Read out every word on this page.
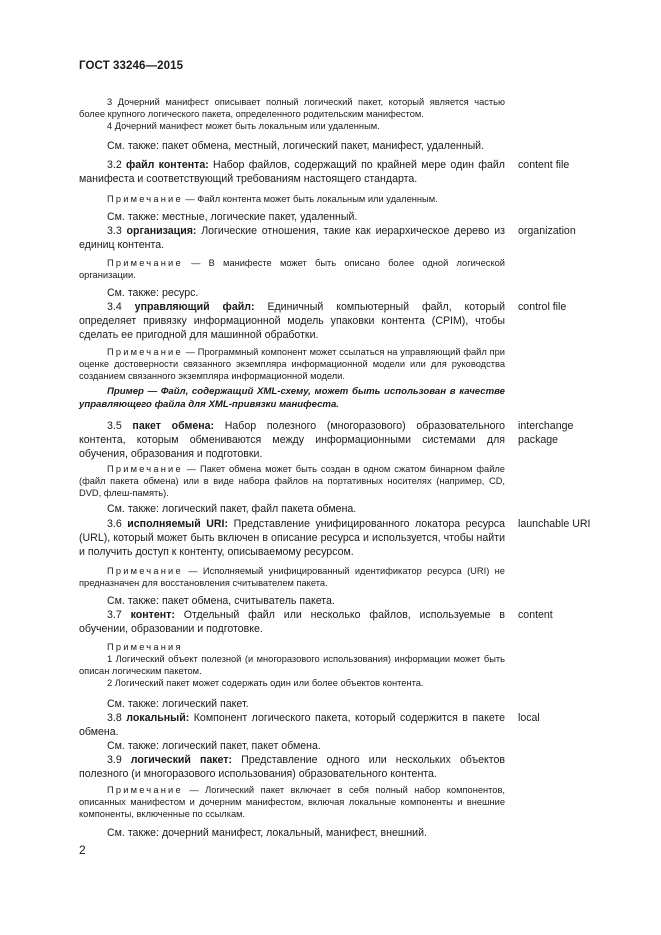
ГОСТ 33246—2015

3 Дочерний манифест описывает полный логический пакет, который является частью более крупного логического пакета, определенного родительским манифестом.

4 Дочерний манифест может быть локальным или удаленным.

См. также: пакет обмена, местный, логический пакет, манифест, удаленный.

3.2 файл контента: Набор файлов, содержащий по крайней мере один файл манифеста и соответствующий требованиям настоящего стандарта.

content file

Примечание — Файл контента может быть локальным или удаленным.

См. также: местные, логические пакет, удаленный.

3.3 организация: Логические отношения, такие как иерархическое дерево из единиц контента.

organization

Примечание — В манифесте может быть описано более одной логической организации.

См. также: ресурс.

3.4 управляющий файл: Единичный компьютерный файл, который определяет привязку информационной модель упаковки контента (CPIM), чтобы сделать ее пригодной для машинной обработки.

control file

Примечание — Программный компонент может ссылаться на управляющий файл при оценке достоверности связанного экземпляра информационной модели или для руководства созданием связанного экземпляра информационной модели.

Пример — Файл, содержащий XML-схему, может быть использован в качестве управляющего файла для XML-привязки манифеста.

3.5 пакет обмена: Набор полезного (многоразового) образовательного контента, которым обмениваются между информационными системами для обучения, образования и подготовки.

interchange
package

Примечание — Пакет обмена может быть создан в одном сжатом бинарном файле (файл пакета обмена) или в виде набора файлов на портативных носителях (например, CD, DVD, флеш-память).

См. также: логический пакет, файл пакета обмена.

3.6 исполняемый URI: Представление унифицированного локатора ресурса (URL), который может быть включен в описание ресурса и используется, чтобы найти и получить доступ к контенту, описываемому ресурсом.

launchable URI

Примечание — Исполняемый унифицированный идентификатор ресурса (URI) не предназначен для восстановления считывателем пакета.

См. также: пакет обмена, считыватель пакета.

3.7 контент: Отдельный файл или несколько файлов, используемые в обучении, образовании и подготовке.

content

Примечания

1 Логический объект полезной (и многоразового использования) информации может быть описан логическим пакетом.

2 Логический пакет может содержать один или более объектов контента.

См. также: логический пакет.

3.8 локальный: Компонент логического пакета, который содержится в пакете обмена.

local

См. также: логический пакет, пакет обмена.

3.9 логический пакет: Представление одного или нескольких объектов полезного (и многоразового использования) образовательного контента.

Примечание — Логический пакет включает в себя полный набор компонентов, описанных манифестом и дочерним манифестом, включая локальные компоненты и внешние компоненты, включенные по ссылкам.

См. также: дочерний манифест, локальный, манифест, внешний.

2
